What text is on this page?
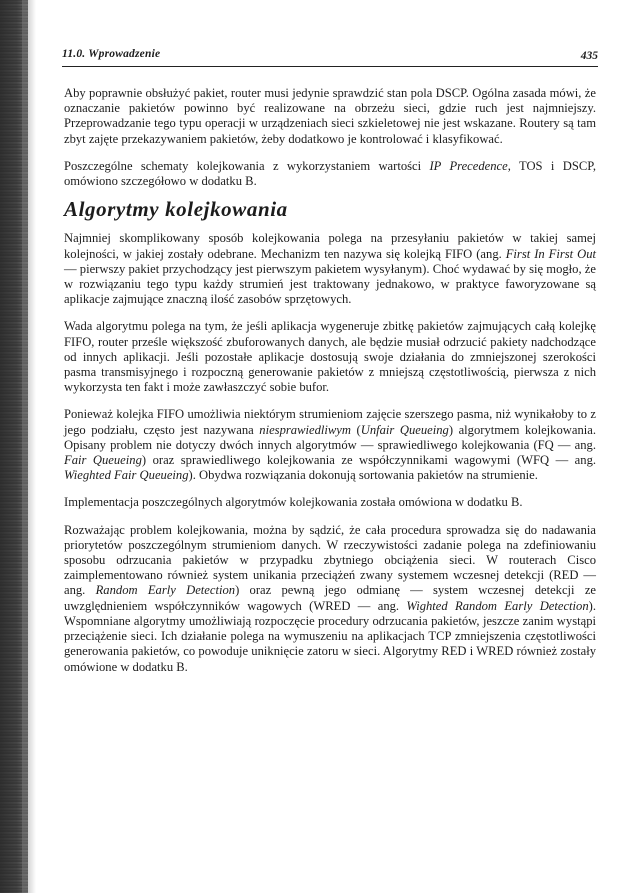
11.0. Wprowadzenie	435

Aby poprawnie obsłużyć pakiet, router musi jedynie sprawdzić stan pola DSCP. Ogólna zasada mówi, że oznaczanie pakietów powinno być realizowane na obrzeżu sieci, gdzie ruch jest najmniejszy. Przeprowadzanie tego typu operacji w urządzeniach sieci szkieletowej nie jest wskazane. Routery są tam zbyt zajęte przekazywaniem pakietów, żeby dodatkowo je kontrolować i klasyfikować.

Poszczególne schematy kolejkowania z wykorzystaniem wartości IP Precedence, TOS i DSCP, omówiono szczegółowo w dodatku B.

Algorytmy kolejkowania

Najmniej skomplikowany sposób kolejkowania polega na przesyłaniu pakietów w takiej samej kolejności, w jakiej zostały odebrane. Mechanizm ten nazywa się kolejką FIFO (ang. First In First Out — pierwszy pakiet przychodzący jest pierwszym pakietem wysyłanym). Choć wydawać by się mogło, że w rozwiązaniu tego typu każdy strumień jest traktowany jednakowo, w praktyce faworyzowane są aplikacje zajmujące znaczną ilość zasobów sprzętowych.

Wada algorytmu polega na tym, że jeśli aplikacja wygeneruje zbitkę pakietów zajmujących całą kolejkę FIFO, router prześle większość zbuforowanych danych, ale będzie musiał odrzucić pakiety nadchodzące od innych aplikacji. Jeśli pozostałe aplikacje dostosują swoje działania do zmniejszonej szerokości pasma transmisyjnego i rozpoczną generowanie pakietów z mniejszą częstotliwością, pierwsza z nich wykorzysta ten fakt i może zawłaszczyć sobie bufor.

Ponieważ kolejka FIFO umożliwia niektórym strumieniom zajęcie szerszego pasma, niż wynikałoby to z jego podziału, często jest nazywana niesprawiedliwym (Unfair Queueing) algorytmem kolejkowania. Opisany problem nie dotyczy dwóch innych algorytmów — sprawiedliwego kolejkowania (FQ — ang. Fair Queueing) oraz sprawiedliwego kolejkowania ze współczynnikami wagowymi (WFQ — ang. Wieghted Fair Queueing). Obydwa rozwiązania dokonują sortowania pakietów na strumienie.

Implementacja poszczególnych algorytmów kolejkowania została omówiona w dodatku B.

Rozważając problem kolejkowania, można by sądzić, że cała procedura sprowadza się do nadawania priorytetów poszczególnym strumieniom danych. W rzeczywistości zadanie polega na zdefiniowaniu sposobu odrzucania pakietów w przypadku zbytniego obciążenia sieci. W routerach Cisco zaimplementowano również system unikania przeciążeń zwany systemem wczesnej detekcji (RED — ang. Random Early Detection) oraz pewną jego odmianę — system wczesnej detekcji ze uwzględnieniem współczynników wagowych (WRED — ang. Wighted Random Early Detection). Wspomniane algorytmy umożliwiają rozpoczęcie procedury odrzucania pakietów, jeszcze zanim wystąpi przeciążenie sieci. Ich działanie polega na wymuszeniu na aplikacjach TCP zmniejszenia częstotliwości generowania pakietów, co powoduje uniknięcie zatoru w sieci. Algorytmy RED i WRED również zostały omówione w dodatku B.
